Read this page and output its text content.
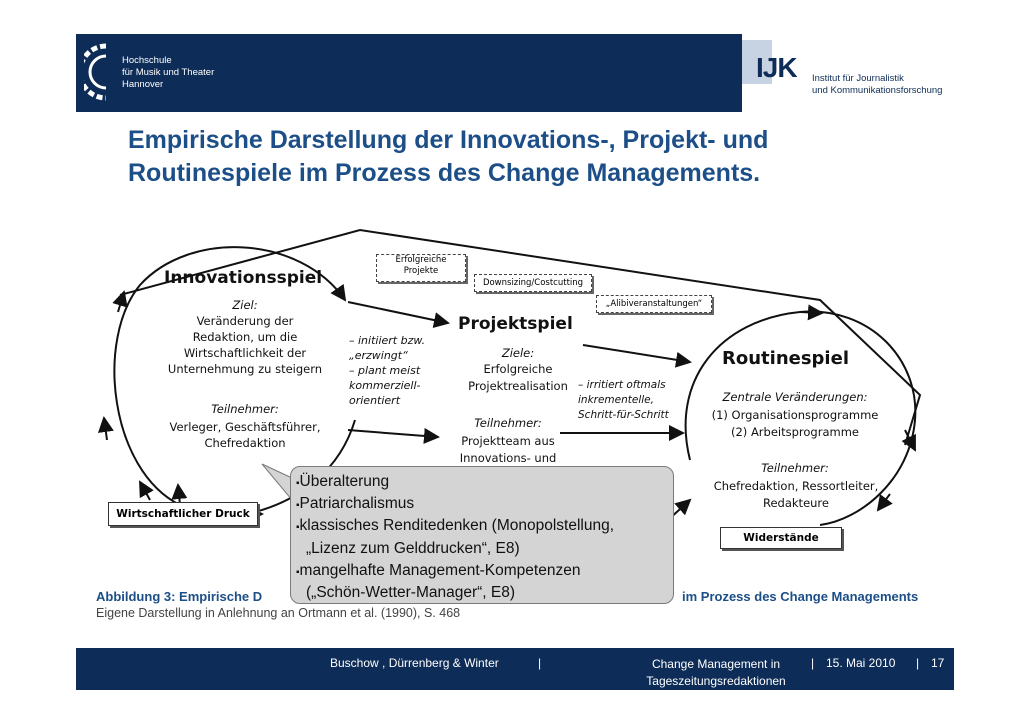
Hochschule
für Musik und Theater
Hannover
IJK Institut für Journalistik
und Kommunikationsforschung
Empirische Darstellung der Innovations-, Projekt- und
Routinespiele im Prozess des Change Managements.
Innovationsspiel
Ziel:
Veränderung der
Redaktion, um die
Wirtschaftlichkeit der
Unternehmung zu steigern
Teilnehmer:
Verleger, Geschäftsführer,
Chefredaktion
– initiiert bzw.
„erzwingt“
– plant meist
kommerziell-
orientiert
Projektspiel
Ziele:
Erfolgreiche
Projektrealisation
Teilnehmer:
Projektteam aus
Innovations- und
– irritiert oftmals
inkrementelle,
Schritt-für-Schritt
Routinespiel
Zentrale Veränderungen:
(1) Organisationsprogramme
(2) Arbeitsprogramme
Teilnehmer:
Chefredaktion, Ressortleiter,
Redakteure
Erfolgreiche Projekte
Downsizing/Costcutting
„Alibiveranstaltungen“
Wirtschaftlicher Druck
Widerstände
Abbildung 3: Empirische D	im Prozess des Change Managements
Eigene Darstellung in Anlehnung an Ortmann et al. (1990), S. 468
▪Überalterung
▪Patriarchalismus
▪klassisches Renditedenken (Monopolstellung,
„Lizenz zum Gelddrucken“, E8)
▪mangelhafte Management-Kompetenzen
(„Schön-Wetter-Manager“, E8)
Buschow , Dürrenberg & Winter	|	Change Management in
Tageszeitungsredaktionen
| 15. Mai 2010 | 17
